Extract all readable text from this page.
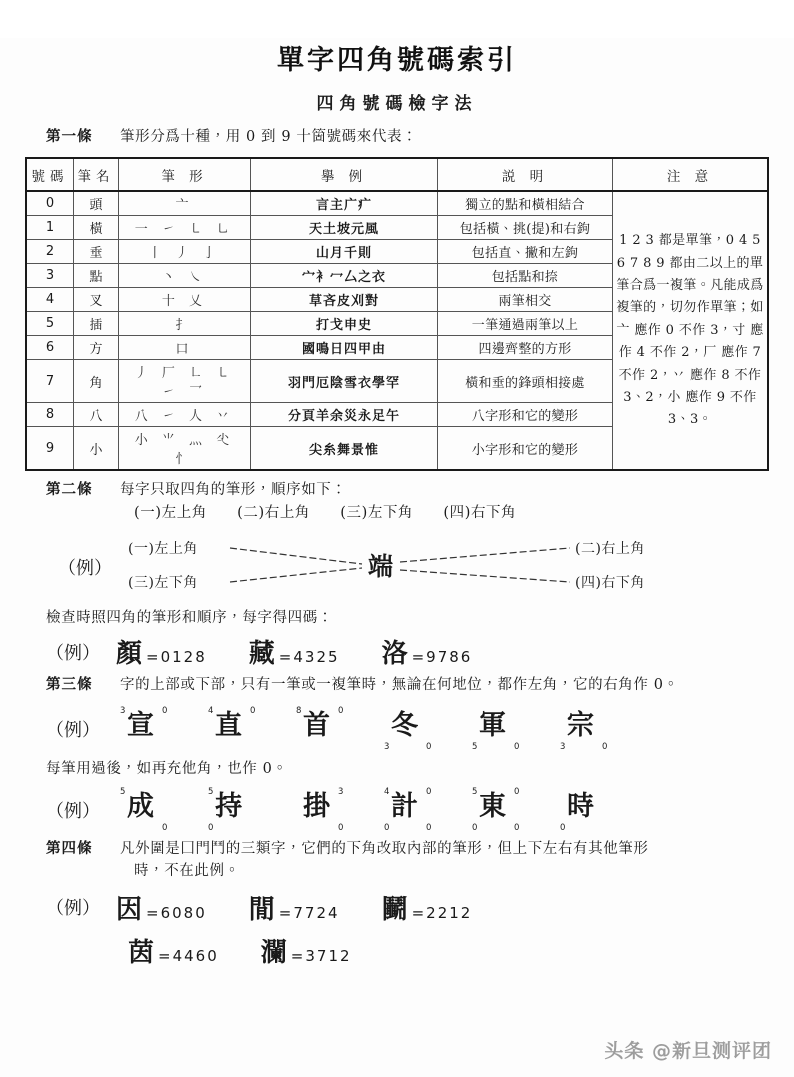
單字四角號碼索引
四角號碼檢字法
第一條	筆形分爲十種，用 0 到 9 十箇號碼來代表：
號碼	筆名	筆 形	擧 例	説 明	注 意
0	頭	亠	言主广疒	獨立的點和橫相結合	1 2 3 都是單筆，0 4 5 6 7 8 9 都由二以上的單筆合爲一複筆。凡能成爲複筆的，切勿作單筆；如 亠 應作 0 不作 3，寸 應作 4 不作 2，厂 應作 7 不作 2，丷 應作 8 不作 3、2，小 應作 9 不作 3、3。
1	橫	一 ㇀ ㇄ ㇟	天土坡元風	包括橫、挑(提)和右鉤	
2	垂	丨 丿 亅	山月千則	包括直、撇和左鉤	
3	點	丶 ㇏	宀衤冖厶之衣	包括點和捺	
4	叉	十 乂	草吝皮刈對	兩筆相交	
5	插	扌	打戈申史	一筆通過兩筆以上	
6	方	口	國鳴日四甲由	四邊齊整的方形	
7	角	丿 厂 ㇗ ㇄ ㇀ 乛	羽門厄陰雪衣學罕	橫和垂的鋒頭相接處	
8	八	八 ㇀ 人 丷	分頁羊余災永足午	八字形和它的變形	
9	小	小 ⺌ 灬 尐 忄	尖糸舞景惟	小字形和它的變形	
第二條	每字只取四角的筆形，順序如下：
(一)左上角　　(二)右上角　　(三)左下角　　(四)右下角
（例）
(一)左上角
(三)左下角
(二)右上角
(四)右下角
端
檢查時照四角的筆形和順序，每字得四碼：
（例） 顏 = 0128 藏 = 4325 洛 = 9786
第三條	字的上部或下部，只有一筆或一複筆時，無論在何地位，都作左角，它的右角作 0。
（例）
3	0
宣	4	0
直	8	0
首 冬
3	0
軍
5	0
宗
3	0
每筆用過後，如再充他角，也作 0。
（例）
5 成
0
5 持
0
3
掛
0
4	0
計
0	0
5	0
東
0	0
時
0
第四條	凡外圍是囗門鬥的三類字，它們的下角改取內部的筆形，但上下左右有其他筆形
時，不在此例。
（例） 因 = 6080 閒 = 7724 鬭 = 2212
茵 = 4460 瀾 = 3712
头条 @新旦测评团
